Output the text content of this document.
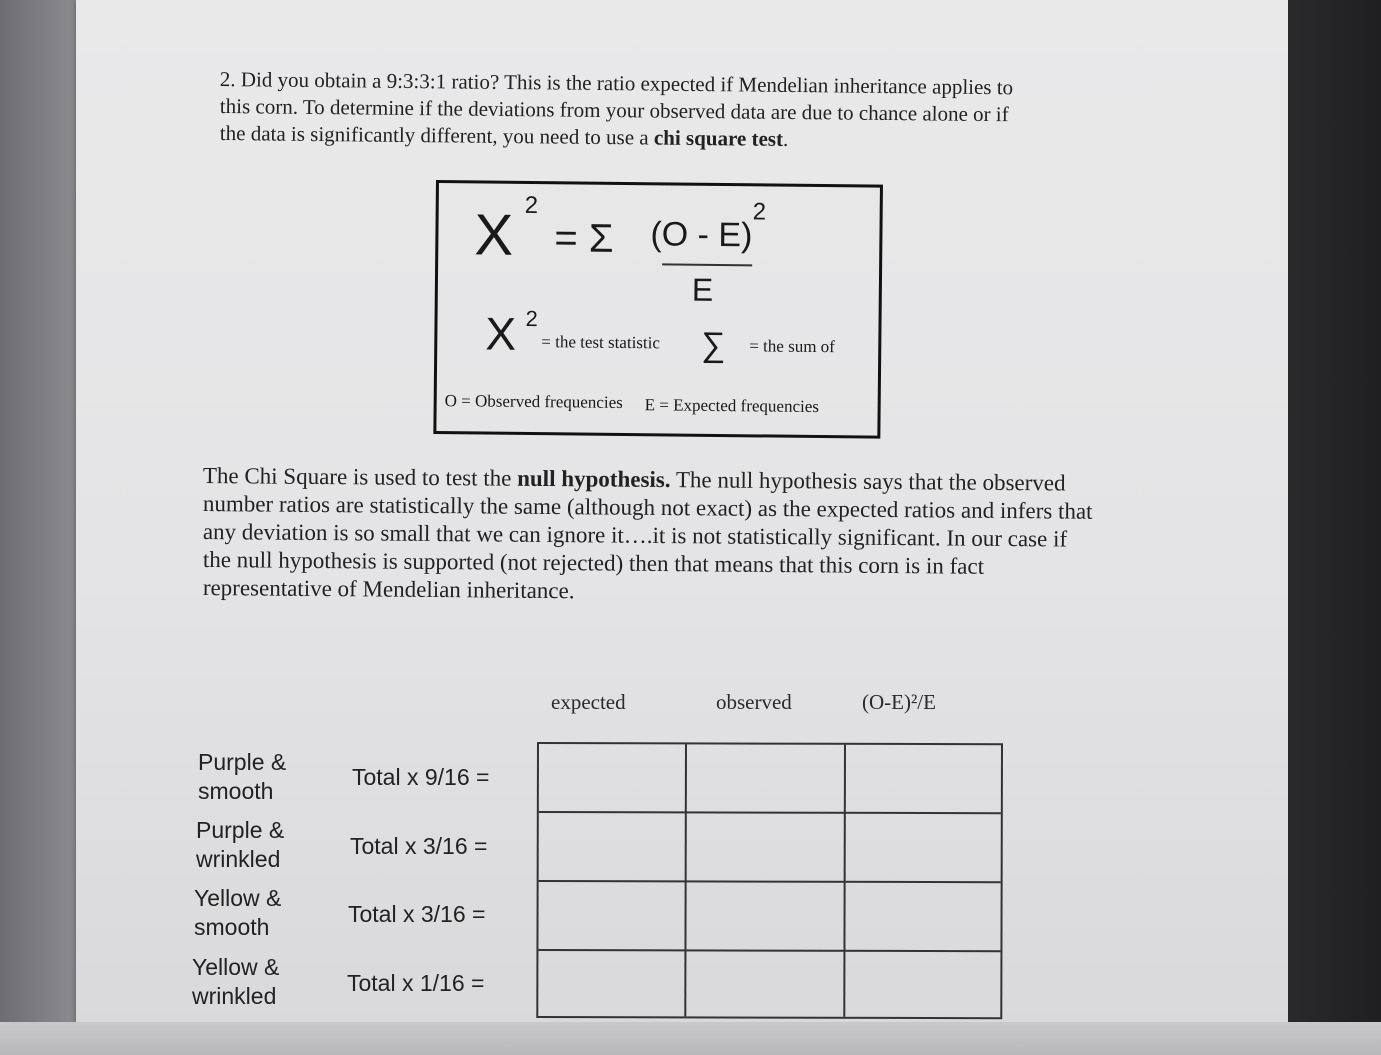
2. Did you obtain a 9:3:3:1 ratio? This is the ratio expected if Mendelian inheritance applies to
this corn. To determine if the deviations from your observed data are due to chance alone or if
the data is significantly different, you need to use a chi square test.
X 2
= Σ (O - E)
2
E
X 2
= the test statistic ∑ = the sum of
O = Observed frequencies E = Expected frequencies
The Chi Square is used to test the null hypothesis. The null hypothesis says that the observed
number ratios are statistically the same (although not exact) as the expected ratios and infers that
any deviation is so small that we can ignore it….it is not statistically significant. In our case if
the null hypothesis is supported (not rejected) then that means that this corn is in fact
representative of Mendelian inheritance.
expected	observed	(O-E)²/E
Purple & smooth
Purple & wrinkled
Yellow & smooth
Yellow & wrinkled
Total x 9/16 =
Total x 3/16 =
Total x 3/16 =
Total x 1/16 =
